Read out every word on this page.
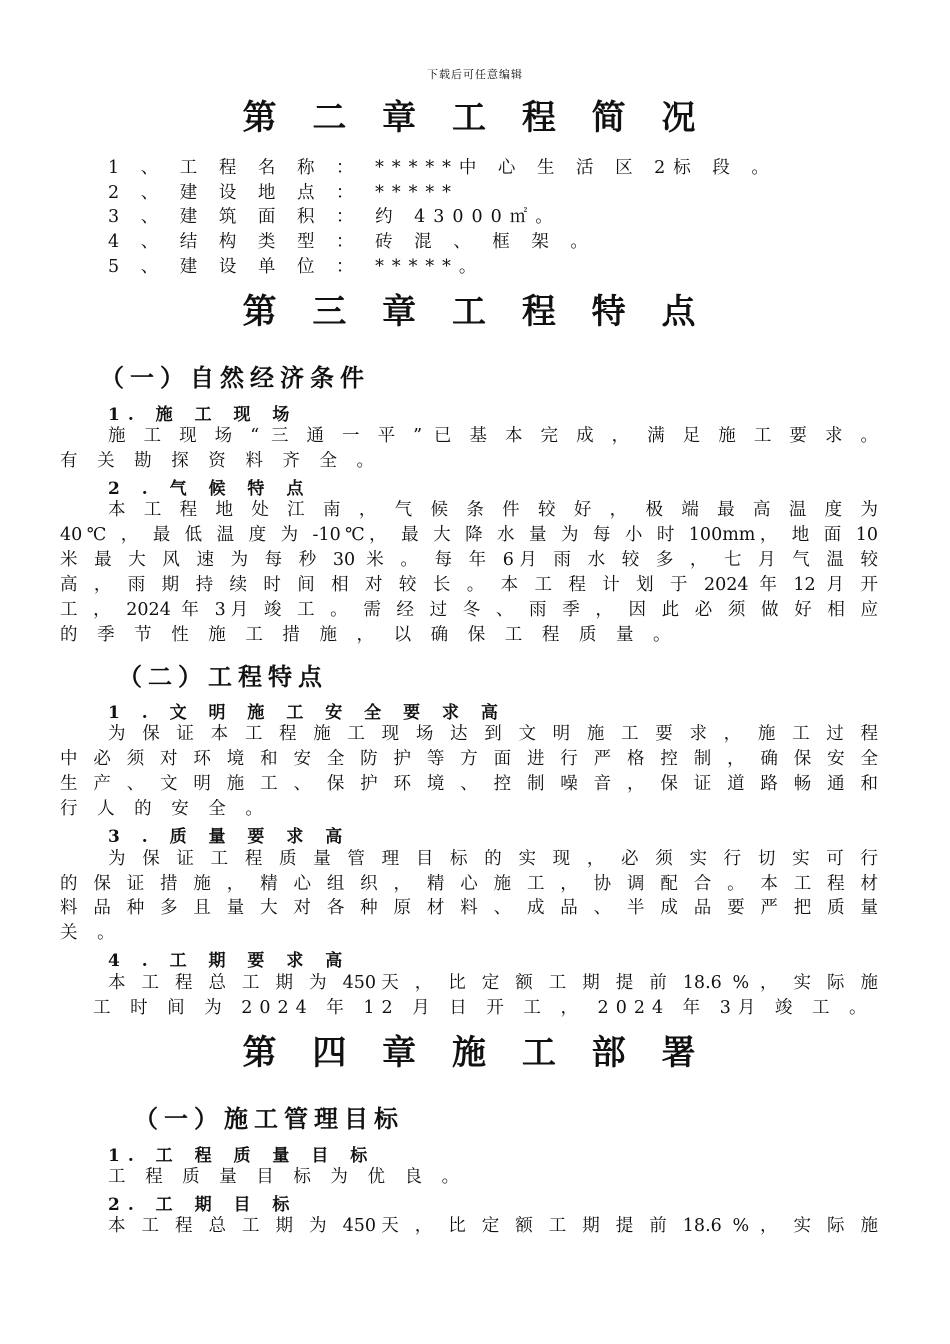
下载后可任意编辑
第 二 章 工 程 简 况
1 、 工 程 名 称 ： *****中 心 生 活 区 2标 段 。
2 、 建 设 地 点 ： *****
3 、 建 筑 面 积 ： 约 43000㎡。
4 、 结 构 类 型 ： 砖 混 、 框 架 。
5 、 建 设 单 位 ： *****。
第 三 章 工 程 特 点
（一）自然经济条件
1. 施 工 现 场
施 工 现 场 “ 三 通 一 平 ” 已 基 本 完 成 ， 满 足 施 工 要 求 。
有 关 勘 探 资 料 齐 全 。
2 . 气 候 特 点
本 工 程 地 处 江 南 ， 气 候 条 件 较 好 ， 极 端 最 高 温 度 为
40℃ ， 最 低 温 度 为 -10℃， 最 大 降 水 量 为 每 小 时 100mm， 地 面 10
米 最 大 风 速 为 每 秒 30 米 。 每 年 6月 雨 水 较 多 ， 七 月 气 温 较
高 ， 雨 期 持 续 时 间 相 对 较 长 。 本 工 程 计 划 于 2024 年 12 月 开
工 ， 2024 年 3月 竣 工 。 需 经 过 冬 、 雨 季 ， 因 此 必 须 做 好 相 应
的 季 节 性 施 工 措 施 ， 以 确 保 工 程 质 量 。
（二）工程特点
1 . 文 明 施 工 安 全 要 求 高
为 保 证 本 工 程 施 工 现 场 达 到 文 明 施 工 要 求 ， 施 工 过 程
中 必 须 对 环 境 和 安 全 防 护 等 方 面 进 行 严 格 控 制 ， 确 保 安 全
生 产 、 文 明 施 工 、 保 护 环 境 、 控 制 噪 音 ， 保 证 道 路 畅 通 和
行 人 的 安 全 。
3 . 质 量 要 求 高
为 保 证 工 程 质 量 管 理 目 标 的 实 现 ， 必 须 实 行 切 实 可 行
的 保 证 措 施 ， 精 心 组 织 ， 精 心 施 工 ， 协 调 配 合 。 本 工 程 材
料 品 种 多 且 量 大 对 各 种 原 材 料 、 成 品 、 半 成 品 要 严 把 质 量
关 。
4 . 工 期 要 求 高
本 工 程 总 工 期 为 450天 ， 比 定 额 工 期 提 前 18.6 % ， 实 际 施
工 时 间 为 2024 年 12 月 日 开 工 ， 2024 年 3月 竣 工 。
第 四 章 施 工 部 署
（一）施工管理目标
1. 工 程 质 量 目 标
工 程 质 量 目 标 为 优 良 。
2. 工 期 目 标
本 工 程 总 工 期 为 450天 ， 比 定 额 工 期 提 前 18.6 % ， 实 际 施
